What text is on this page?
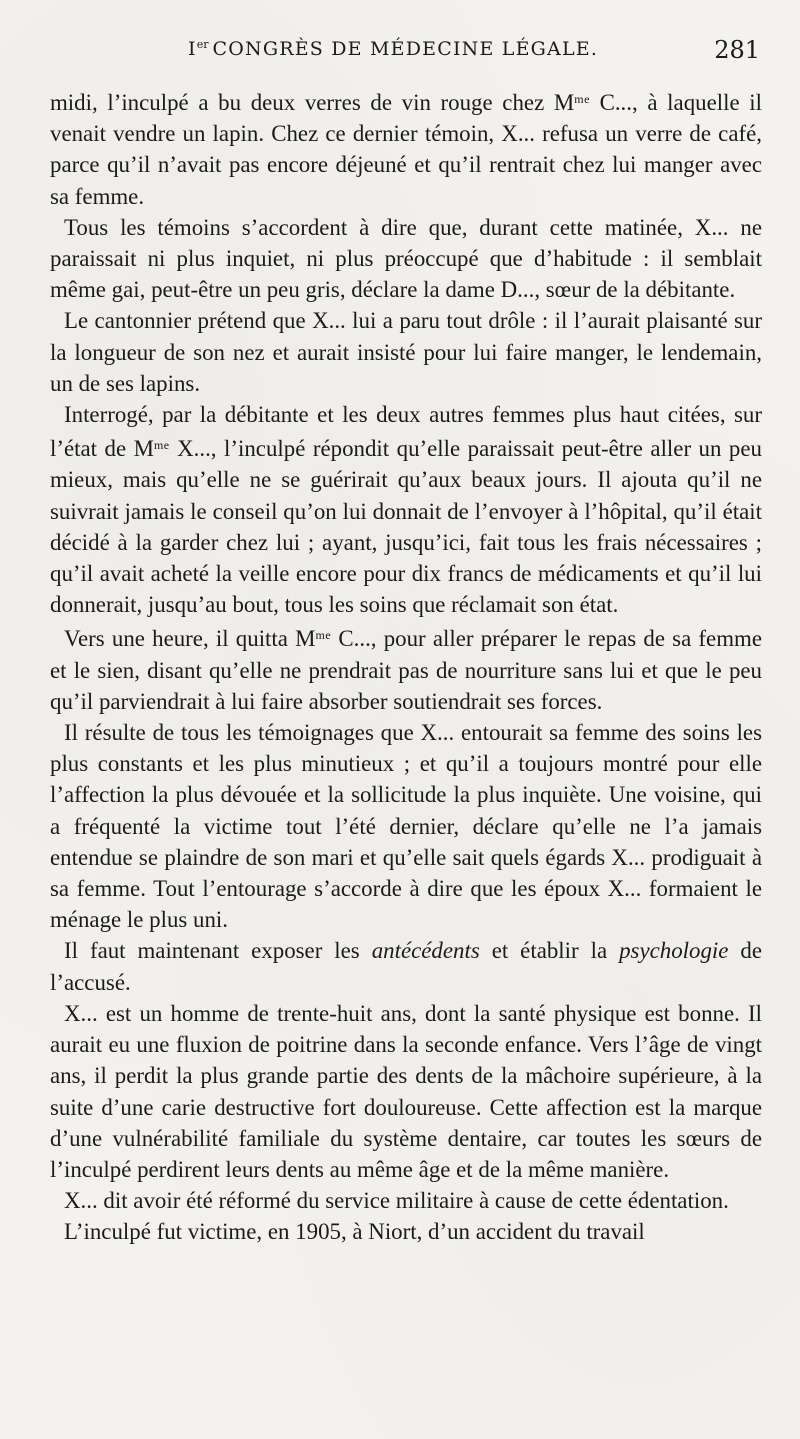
Ier CONGRÈS DE MÉDECINE LÉGALE.	281

midi, l’inculpé a bu deux verres de vin rouge chez $M^{me}$ C..., à laquelle il venait vendre un lapin. Chez ce dernier témoin, X... refusa un verre de café, parce qu’il n’avait pas encore déjeuné et qu’il rentrait chez lui manger avec sa femme.

Tous les témoins s’accordent à dire que, durant cette matinée, X... ne paraissait ni plus inquiet, ni plus préoccupé que d’habitude : il semblait même gai, peut-être un peu gris, déclare la dame D..., sœur de la débitante.

Le cantonnier prétend que X... lui a paru tout drôle : il l’aurait plaisanté sur la longueur de son nez et aurait insisté pour lui faire manger, le lendemain, un de ses lapins.

Interrogé, par la débitante et les deux autres femmes plus haut citées, sur l’état de $M^{me}$ X..., l’inculpé répondit qu’elle paraissait peut-être aller un peu mieux, mais qu’elle ne se guérirait qu’aux beaux jours. Il ajouta qu’il ne suivrait jamais le conseil qu’on lui donnait de l’envoyer à l’hôpital, qu’il était décidé à la garder chez lui ; ayant, jusqu’ici, fait tous les frais nécessaires ; qu’il avait acheté la veille encore pour dix francs de médicaments et qu’il lui donnerait, jusqu’au bout, tous les soins que réclamait son état.

Vers une heure, il quitta $M^{me}$ C..., pour aller préparer le repas de sa femme et le sien, disant qu’elle ne prendrait pas de nourriture sans lui et que le peu qu’il parviendrait à lui faire absorber soutiendrait ses forces.

Il résulte de tous les témoignages que X... entourait sa femme des soins les plus constants et les plus minutieux ; et qu’il a toujours montré pour elle l’affection la plus dévouée et la sollicitude la plus inquiète. Une voisine, qui a fréquenté la victime tout l’été dernier, déclare qu’elle ne l’a jamais entendue se plaindre de son mari et qu’elle sait quels égards X... prodiguait à sa femme. Tout l’entourage s’accorde à dire que les époux X... formaient le ménage le plus uni.

Il faut maintenant exposer les antécédents et établir la psychologie de l’accusé.

X... est un homme de trente-huit ans, dont la santé physique est bonne. Il aurait eu une fluxion de poitrine dans la seconde enfance. Vers l’âge de vingt ans, il perdit la plus grande partie des dents de la mâchoire supérieure, à la suite d’une carie destructive fort douloureuse. Cette affection est la marque d’une vulnérabilité familiale du système dentaire, car toutes les sœurs de l’inculpé perdirent leurs dents au même âge et de la même manière.

X... dit avoir été réformé du service militaire à cause de cette édentation.

L’inculpé fut victime, en 1905, à Niort, d’un accident du travail
